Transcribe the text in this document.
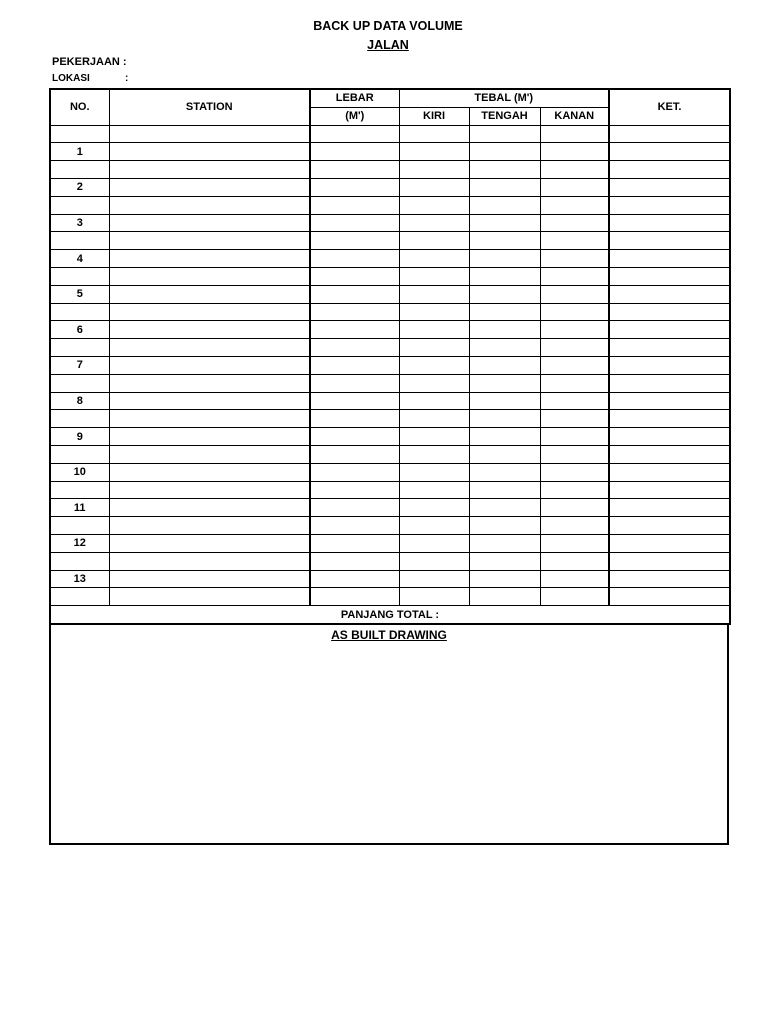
BACK UP DATA VOLUME
JALAN
PEKERJAAN :
LOKASI	:
NO.	STATION	LEBAR	TEBAL (M')			KET.
		(M')	KIRI	TENGAH	KANAN	

1						

2						

3						

4						

5						

6						

7						

8						

9						

10						

11						

12						

13						

PANJANG TOTAL :						
AS BUILT DRAWING
